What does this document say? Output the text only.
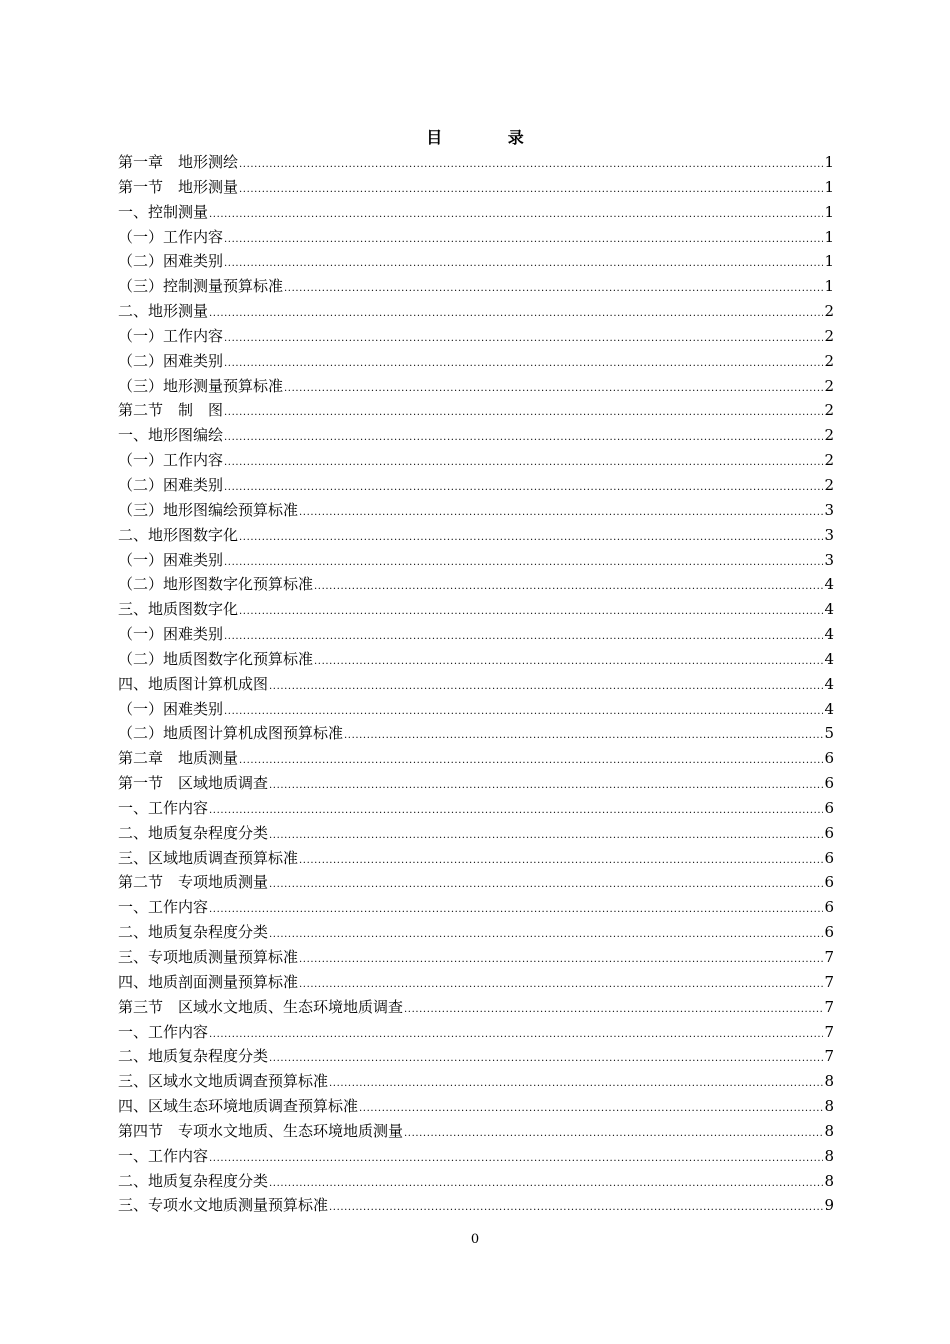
目 录
第一章　地形测绘 .....	1
第一节　地形测量 .....	1
一、控制测量 .....	1
（一）工作内容 .....	1
（二）困难类别 .....	1
（三）控制测量预算标准 .....	1
二、地形测量 .....	2
（一）工作内容 .....	2
（二）困难类别 .....	2
（三）地形测量预算标准 .....	2
第二节　制　图 .....	2
一、地形图编绘 .....	2
（一）工作内容 .....	2
（二）困难类别 .....	2
（三）地形图编绘预算标准 .....	3
二、地形图数字化 .....	3
（一）困难类别 .....	3
（二）地形图数字化预算标准 .....	4
三、地质图数字化 .....	4
（一）困难类别 .....	4
（二）地质图数字化预算标准 .....	4
四、地质图计算机成图 .....	4
（一）困难类别 .....	4
（二）地质图计算机成图预算标准 .....	5
第二章　地质测量 .....	6
第一节　区域地质调查 .....	6
一、工作内容 .....	6
二、地质复杂程度分类 .....	6
三、区域地质调查预算标准 .....	6
第二节　专项地质测量 .....	6
一、工作内容 .....	6
二、地质复杂程度分类 .....	6
三、专项地质测量预算标准 .....	7
四、地质剖面测量预算标准 .....	7
第三节　区域水文地质、生态环境地质调查 .....	7
一、工作内容 .....	7
二、地质复杂程度分类 .....	7
三、区域水文地质调查预算标准 .....	8
四、区域生态环境地质调查预算标准 .....	8
第四节　专项水文地质、生态环境地质测量 .....	8
一、工作内容 .....	8
二、地质复杂程度分类 .....	8
三、专项水文地质测量预算标准 .....	9
0
